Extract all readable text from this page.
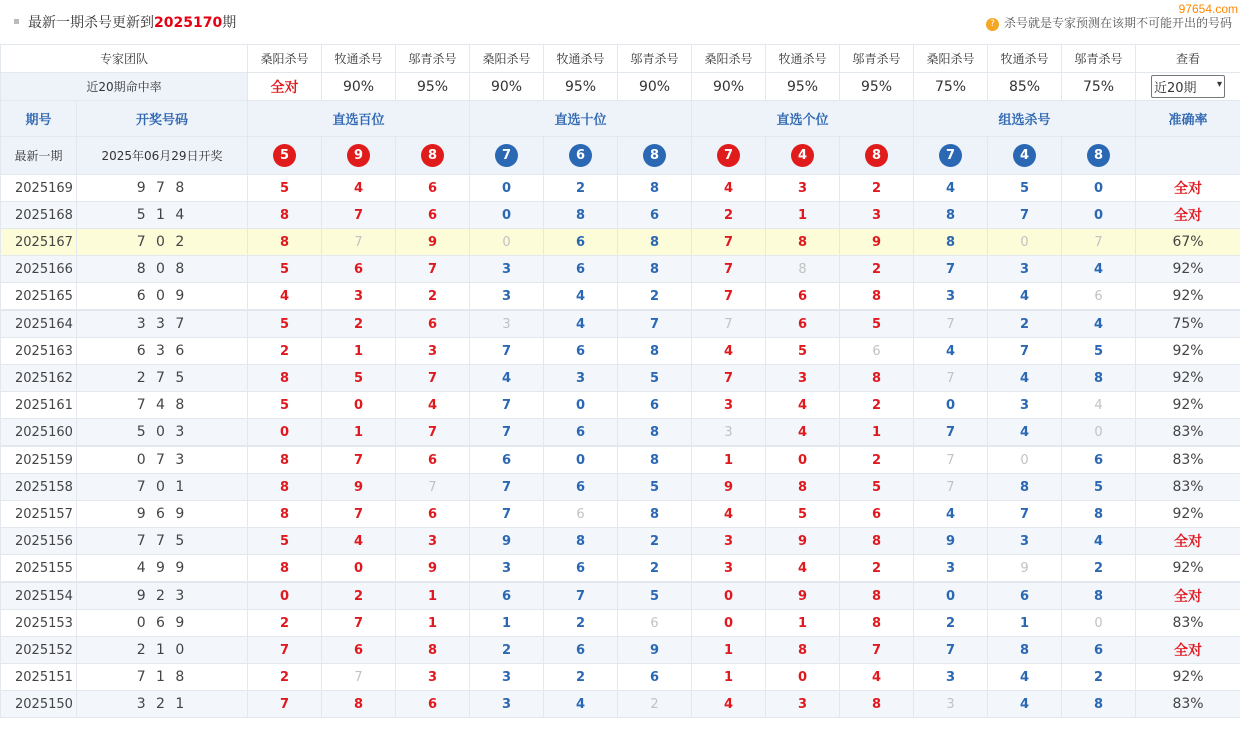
97654.com
最新一期杀号更新到2025170期	? 杀号就是专家预测在该期不可能开出的号码
专家团队		桑阳杀号	牧通杀号	邬青杀号	桑阳杀号	牧通杀号	邬青杀号	桑阳杀号	牧通杀号	邬青杀号	桑阳杀号	牧通杀号	邬青杀号	查看
近20期命中率		全对	90%	95%	90%	95%	90%	90%	95%	95%	75%	85%	75%	近20期 ▾

期号	开奖号码	直选百位			直选十位			直选个位			组选杀号			准确率
最新一期	2025年06月29日开奖	5	9	8	7	6	8	7	4	8	7	4	8	
2025169	9 7 8	5	4	6	0	2	8	4	3	2	4	5	0	全对
2025168	5 1 4	8	7	6	0	8	6	2	1	3	8	7	0	全对
2025167	7 0 2	8	7	9	0	6	8	7	8	9	8	0	7	67%
2025166	8 0 8	5	6	7	3	6	8	7	8	2	7	3	4	92%
2025165	6 0 9	4	3	2	3	4	2	7	6	8	3	4	6	92%
2025164	3 3 7	5	2	6	3	4	7	7	6	5	7	2	4	75%
2025163	6 3 6	2	1	3	7	6	8	4	5	6	4	7	5	92%
2025162	2 7 5	8	5	7	4	3	5	7	3	8	7	4	8	92%
2025161	7 4 8	5	0	4	7	0	6	3	4	2	0	3	4	92%
2025160	5 0 3	0	1	7	7	6	8	3	4	1	7	4	0	83%
2025159	0 7 3	8	7	6	6	0	8	1	0	2	7	0	6	83%
2025158	7 0 1	8	9	7	7	6	5	9	8	5	7	8	5	83%
2025157	9 6 9	8	7	6	7	6	8	4	5	6	4	7	8	92%
2025156	7 7 5	5	4	3	9	8	2	3	9	8	9	3	4	全对
2025155	4 9 9	8	0	9	3	6	2	3	4	2	3	9	2	92%
2025154	9 2 3	0	2	1	6	7	5	0	9	8	0	6	8	全对
2025153	0 6 9	2	7	1	1	2	6	0	1	8	2	1	0	83%
2025152	2 1 0	7	6	8	2	6	9	1	8	7	7	8	6	全对
2025151	7 1 8	2	7	3	3	2	6	1	0	4	3	4	2	92%
2025150	3 2 1	7	8	6	3	4	2	4	3	8	3	4	8	83%
